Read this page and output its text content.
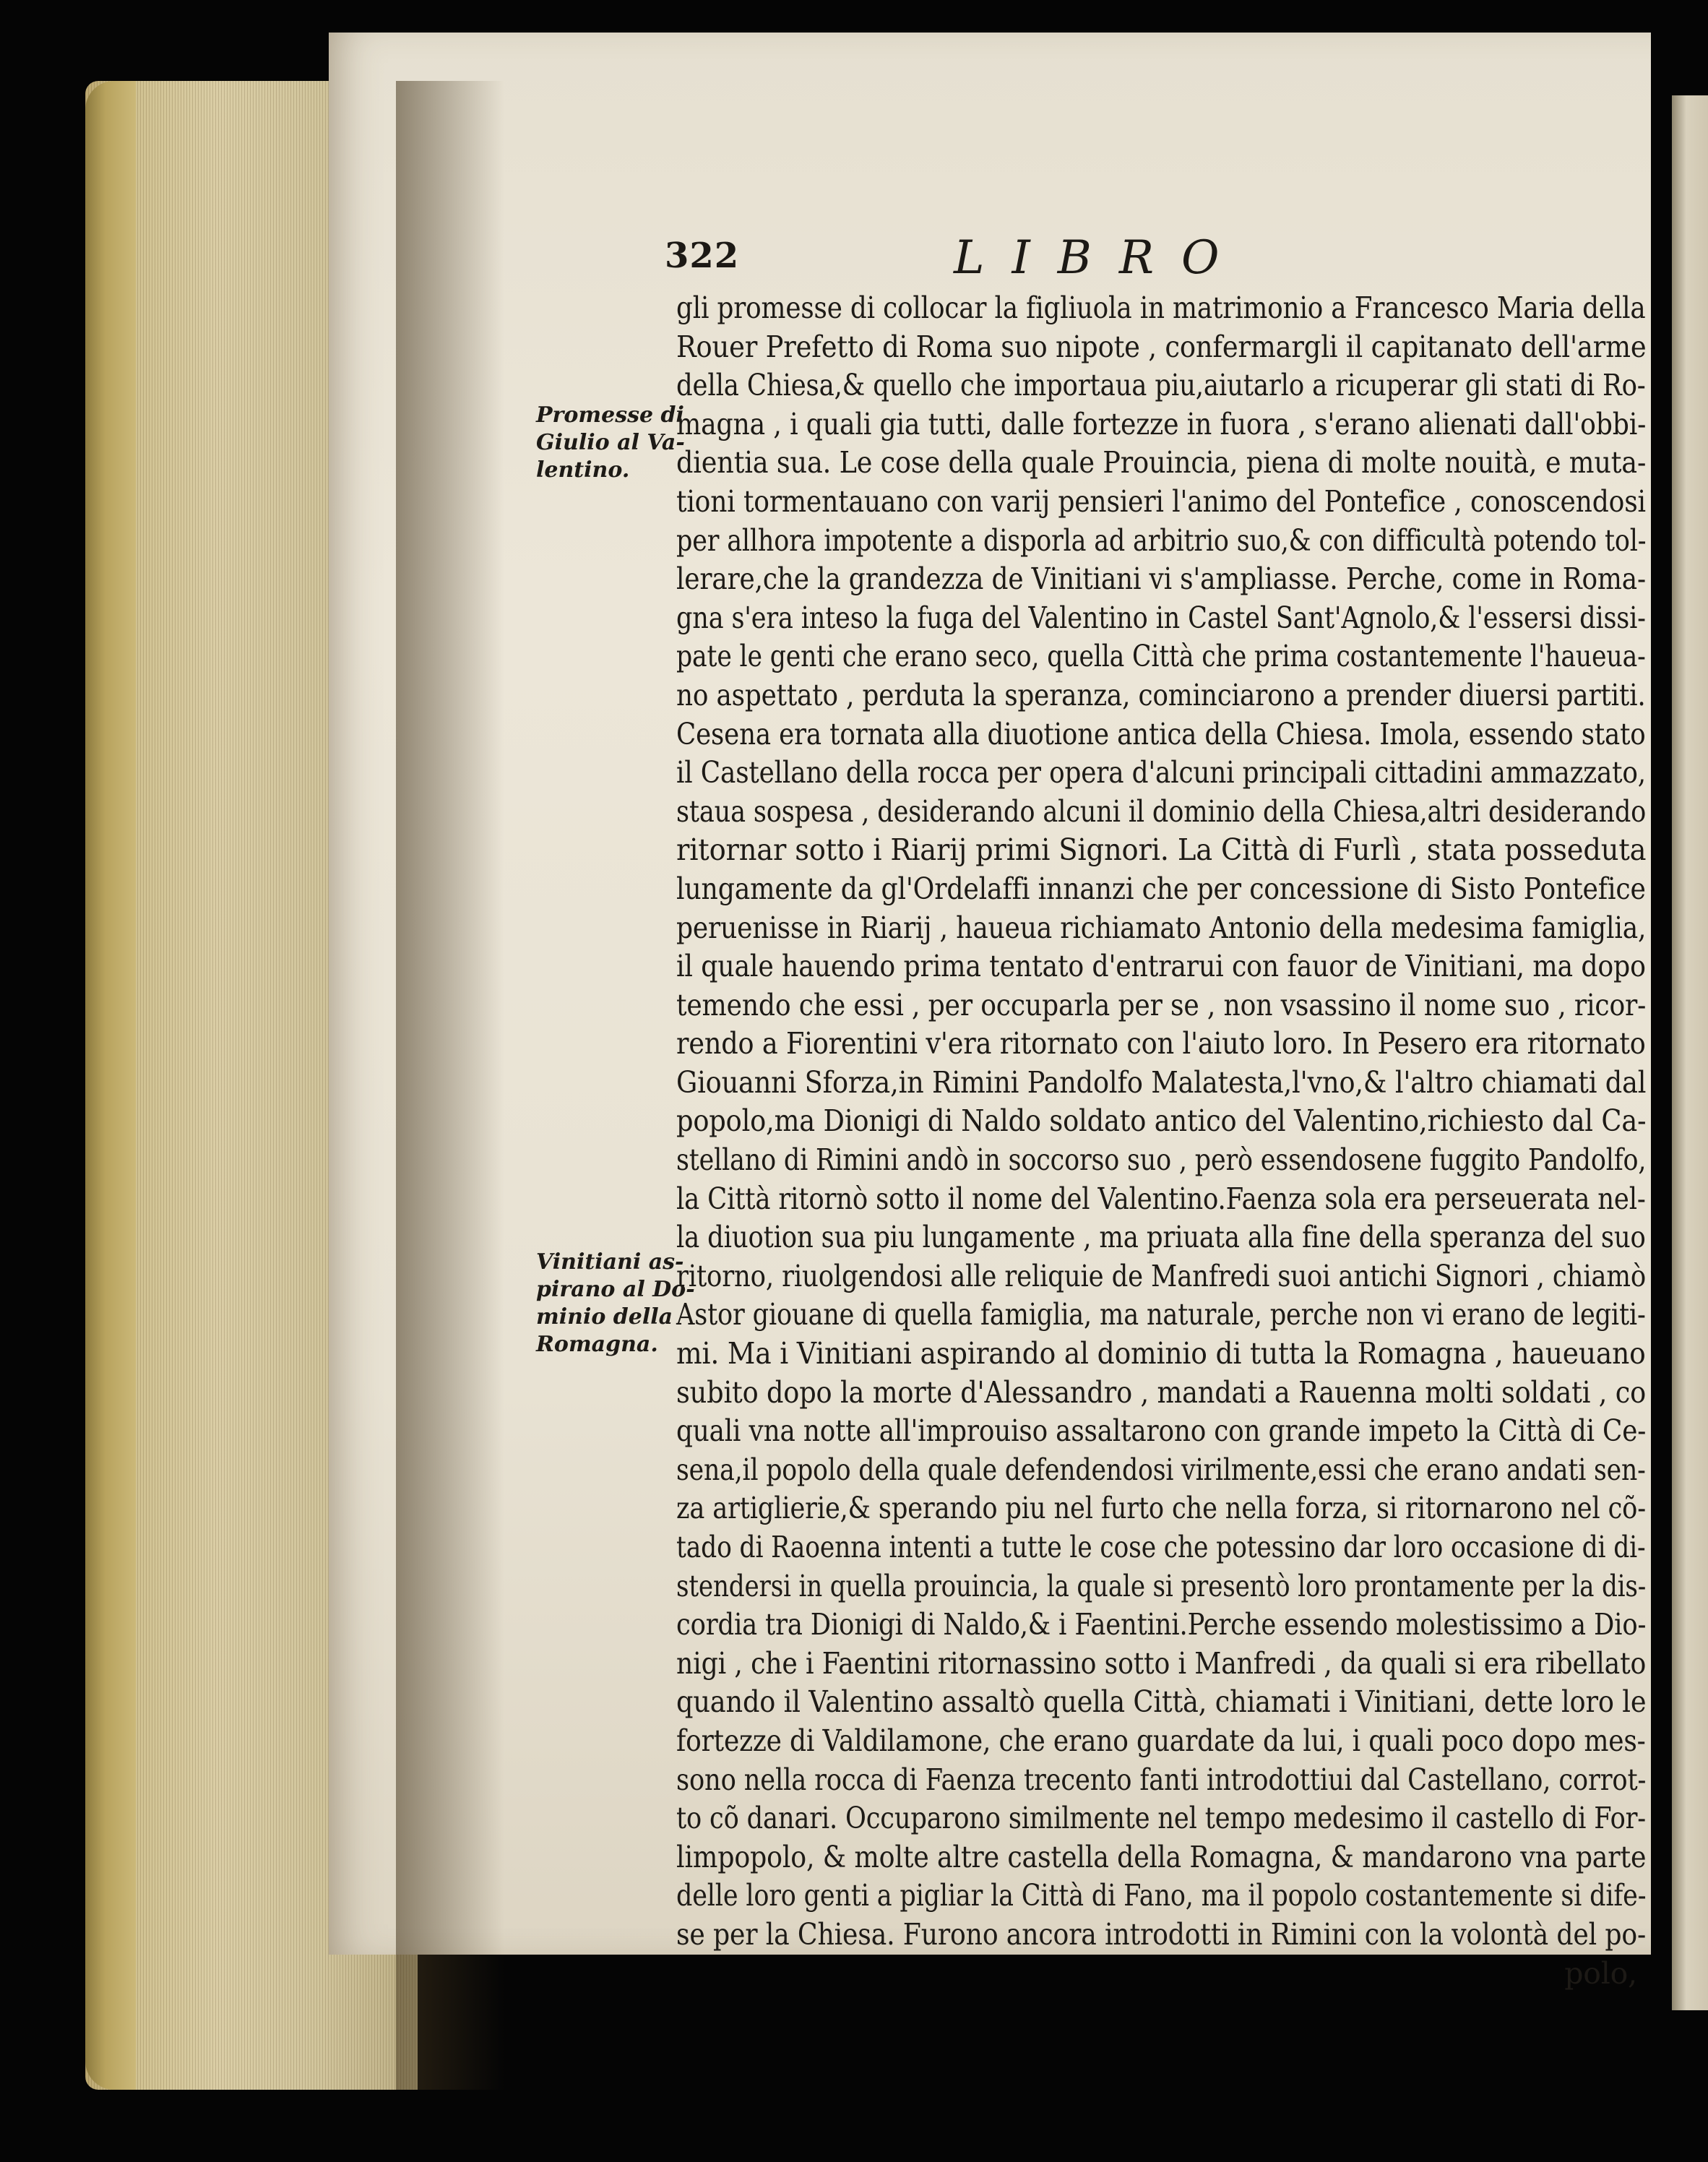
322	LIBRO
Promesse di
Giulio al Va-
lentino.
Vinitiani as-
pirano al Do-
minio della
Romagna.
gli promesse di collocar la figliuola in matrimonio a Francesco Maria della
Rouer Prefetto di Roma suo nipote , confermargli il capitanato dell'arme
della Chiesa,& quello che importaua piu,aiutarlo a ricuperar gli stati di Ro-
magna , i quali gia tutti, dalle fortezze in fuora , s'erano alienati dall'obbi-
dientia sua. Le cose della quale Prouincia, piena di molte nouità, e muta-
tioni tormentauano con varij pensieri l'animo del Pontefice , conoscendosi
per allhora impotente a disporla ad arbitrio suo,& con difficultà potendo tol-
lerare,che la grandezza de Vinitiani vi s'ampliasse. Perche, come in Roma-
gna s'era inteso la fuga del Valentino in Castel Sant'Agnolo,& l'essersi dissi-
pate le genti che erano seco, quella Città che prima costantemente l'haueua-
no aspettato , perduta la speranza, cominciarono a prender diuersi partiti.
Cesena era tornata alla diuotione antica della Chiesa. Imola, essendo stato
il Castellano della rocca per opera d'alcuni principali cittadini ammazzato,
staua sospesa , desiderando alcuni il dominio della Chiesa,altri desiderando
ritornar sotto i Riarij primi Signori. La Città di Furlì , stata posseduta
lungamente da gl'Ordelaffi innanzi che per concessione di Sisto Pontefice
peruenisse in Riarij , haueua richiamato Antonio della medesima famiglia,
il quale hauendo prima tentato d'entrarui con fauor de Vinitiani, ma dopo
temendo che essi , per occuparla per se , non vsassino il nome suo , ricor-
rendo a Fiorentini v'era ritornato con l'aiuto loro. In Pesero era ritornato
Giouanni Sforza,in Rimini Pandolfo Malatesta,l'vno,& l'altro chiamati dal
popolo,ma Dionigi di Naldo soldato antico del Valentino,richiesto dal Ca-
stellano di Rimini andò in soccorso suo , però essendosene fuggito Pandolfo,
la Città ritornò sotto il nome del Valentino.Faenza sola era perseuerata nel-
la diuotion sua piu lungamente , ma priuata alla fine della speranza del suo
ritorno, riuolgendosi alle reliquie de Manfredi suoi antichi Signori , chiamò
Astor giouane di quella famiglia, ma naturale, perche non vi erano de legiti-
mi. Ma i Vinitiani aspirando al dominio di tutta la Romagna , haueuano
subito dopo la morte d'Alessandro , mandati a Rauenna molti soldati , co
quali vna notte all'improuiso assaltarono con grande impeto la Città di Ce-
sena,il popolo della quale defendendosi virilmente,essi che erano andati sen-
za artiglierie,& sperando piu nel furto che nella forza, si ritornarono nel cõ-
tado di Raoenna intenti a tutte le cose che potessino dar loro occasione di di-
stendersi in quella prouincia, la quale si presentò loro prontamente per la dis-
cordia tra Dionigi di Naldo,& i Faentini.Perche essendo molestissimo a Dio-
nigi , che i Faentini ritornassino sotto i Manfredi , da quali si era ribellato
quando il Valentino assaltò quella Città, chiamati i Vinitiani, dette loro le
fortezze di Valdilamone, che erano guardate da lui, i quali poco dopo mes-
sono nella rocca di Faenza trecento fanti introdottiui dal Castellano, corrot-
to cõ danari. Occuparono similmente nel tempo medesimo il castello di For-
limpopolo, & molte altre castella della Romagna, & mandarono vna parte
delle loro genti a pigliar la Città di Fano, ma il popolo costantemente si dife-
se per la Chiesa. Furono ancora introdotti in Rimini con la volontà del po-
polo,
